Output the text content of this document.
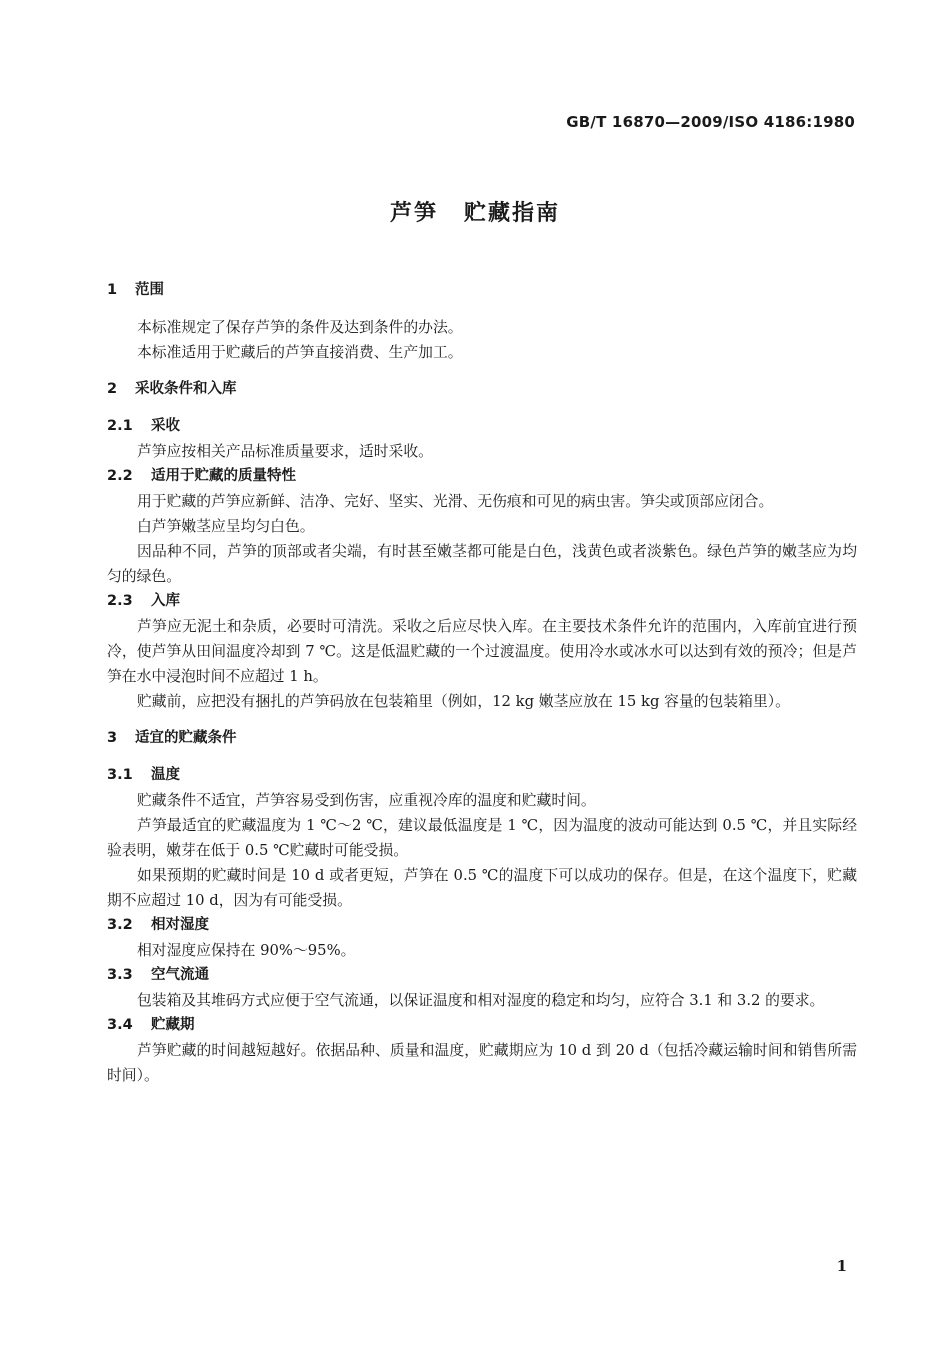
GB/T 16870—2009/ISO 4186:1980
芦笋 贮藏指南

1 范围

本标准规定了保存芦笋的条件及达到条件的办法。

本标准适用于贮藏后的芦笋直接消费、生产加工。

2 采收条件和入库

2.1 采收

芦笋应按相关产品标准质量要求，适时采收。

2.2 适用于贮藏的质量特性

用于贮藏的芦笋应新鲜、洁净、完好、坚实、光滑、无伤痕和可见的病虫害。笋尖或顶部应闭合。

白芦笋嫩茎应呈均匀白色。

因品种不同，芦笋的顶部或者尖端，有时甚至嫩茎都可能是白色，浅黄色或者淡紫色。绿色芦笋的嫩茎应为均匀的绿色。

2.3 入库

芦笋应无泥土和杂质，必要时可清洗。采收之后应尽快入库。在主要技术条件允许的范围内，入库前宜进行预冷，使芦笋从田间温度冷却到 7 ℃。这是低温贮藏的一个过渡温度。使用冷水或冰水可以达到有效的预冷；但是芦笋在水中浸泡时间不应超过 1 h。

贮藏前，应把没有捆扎的芦笋码放在包装箱里（例如，12 kg 嫩茎应放在 15 kg 容量的包装箱里）。

3 适宜的贮藏条件

3.1 温度

贮藏条件不适宜，芦笋容易受到伤害，应重视冷库的温度和贮藏时间。

芦笋最适宜的贮藏温度为 1 ℃～2 ℃，建议最低温度是 1 ℃，因为温度的波动可能达到 0.5 ℃，并且实际经验表明，嫩芽在低于 0.5 ℃贮藏时可能受损。

如果预期的贮藏时间是 10 d 或者更短，芦笋在 0.5 ℃的温度下可以成功的保存。但是，在这个温度下，贮藏期不应超过 10 d，因为有可能受损。

3.2 相对湿度

相对湿度应保持在 90%～95%。

3.3 空气流通

包装箱及其堆码方式应便于空气流通，以保证温度和相对湿度的稳定和均匀，应符合 3.1 和 3.2 的要求。

3.4 贮藏期

芦笋贮藏的时间越短越好。依据品种、质量和温度，贮藏期应为 10 d 到 20 d（包括冷藏运输时间和销售所需时间）。

1
